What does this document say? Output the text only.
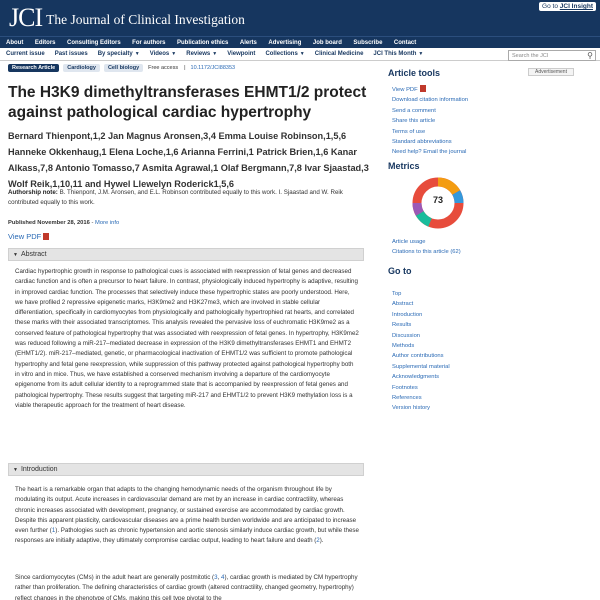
JCI The Journal of Clinical Investigation
Go to JCI Insight
About Editors Consulting Editors For authors Publication ethics Alerts Advertising Job board Subscribe Contact
Current issue Past issues By specialty ▼ Videos ▼ Reviews ▼ Viewpoint Collections ▼ Clinical Medicine JCI This Month ▼	Search the JCI	⚲
Research Article	Cardiology	Cell biology	Free access | 10.1172/JCI88353
The H3K9 dimethyltransferases EHMT1/2 protect against pathological cardiac hypertrophy
Bernard Thienpont,1,2 Jan Magnus Aronsen,3,4 Emma Louise Robinson,1,5,6 Hanneke Okkenhaug,1 Elena Loche,1,6 Arianna Ferrini,1 Patrick Brien,1,6 Kanar Alkass,7,8 Antonio Tomasso,7 Asmita Agrawal,1 Olaf Bergmann,7,8 Ivar Sjaastad,3 Wolf Reik,1,10,11 and Hywel Llewelyn Roderick1,5,6
Authorship note: B. Thienpont, J.M. Aronsen, and E.L. Robinson contributed equally to this work. I. Sjaastad and W. Reik contributed equally to this work.
Published November 28, 2016 - More info
View PDF
▼ Abstract

Cardiac hypertrophic growth in response to pathological cues is associated with reexpression of fetal genes and decreased cardiac function and is often a precursor to heart failure. In contrast, physiologically induced hypertrophy is adaptive, resulting in improved cardiac function. The processes that selectively induce these hypertrophic states are poorly understood. Here, we have profiled 2 repressive epigenetic marks, H3K9me2 and H3K27me3, which are involved in stable cellular differentiation, specifically in cardiomyocytes from physiologically and pathologically hypertrophied rat hearts, and correlated these marks with their associated transcriptomes. This analysis revealed the pervasive loss of euchromatic H3K9me2 as a conserved feature of pathological hypertrophy that was associated with reexpression of fetal genes. In hypertrophy, H3K9me2 was reduced following a miR-217–mediated decrease in expression of the H3K9 dimethyltransferases EHMT1 and EHMT2 (EHMT1/2). miR-217–mediated, genetic, or pharmacological inactivation of EHMT1/2 was sufficient to promote pathological hypertrophy and fetal gene reexpression, while suppression of this pathway protected against pathological hypertrophy both in vitro and in mice. Thus, we have established a conserved mechanism involving a departure of the cardiomyocyte epigenome from its adult cellular identity to a reprogrammed state that is accompanied by reexpression of fetal genes and pathological hypertrophy. These results suggest that targeting miR-217 and EHMT1/2 to prevent H3K9 methylation loss is a viable therapeutic approach for the treatment of heart disease.

▼ Introduction

The heart is a remarkable organ that adapts to the changing hemodynamic needs of the organism throughout life by modulating its output. Acute increases in cardiovascular demand are met by an increase in cardiac contractility, whereas chronic increases associated with development, pregnancy, or sustained exercise are accommodated by cardiac growth. Despite this apparent plasticity, cardiovascular diseases are a prime health burden worldwide and are anticipated to increase even further (1). Pathologies such as chronic hypertension and aortic stenosis similarly induce cardiac growth, but while these responses are initially adaptive, they ultimately compromise cardiac output, leading to heart failure and death (2).

Since cardiomyocytes (CMs) in the adult heart are generally postmitotic (3, 4), cardiac growth is mediated by CM hypertrophy rather than proliferation. The defining characteristics of cardiac growth (altered contractility, changed geometry, hypertrophy) reflect changes in the phenotype of CMs, making this cell type pivotal to the

Advertisement
Article tools
View PDF
Download citation information
Send a comment
Share this article
Terms of use
Standard abbreviations
Need help? Email the journal
Metrics
73
Article usage
Citations to this article (62)
Go to
Top
Abstract
Introduction
Results
Discussion
Methods
Author contributions
Supplemental material
Acknowledgments
Footnotes
References
Version history
